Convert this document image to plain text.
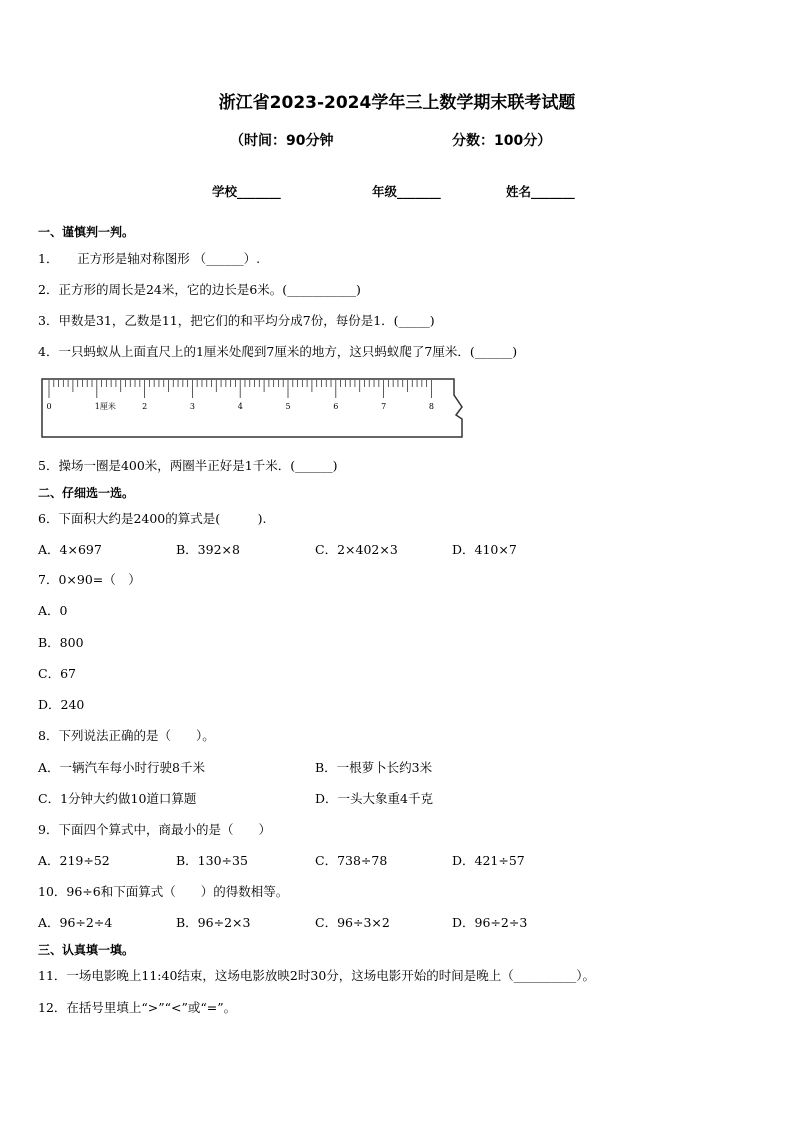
浙江省2023-2024学年三上数学期末联考试题
（时间：90分钟	分数：100分）
学校_______	年级_______	姓名_______
一、谨慎判一判。
1．　　正方形是轴对称图形 （______）.
2．正方形的周长是24米，它的边长是6米。(___________)
3．甲数是31，乙数是11，把它们的和平均分成7份，每份是1．(_____)
4．一只蚂蚁从上面直尺上的1厘米处爬到7厘米的地方，这只蚂蚁爬了7厘米．(______)
0	1厘米	2	3	4	5	6	7	8
5．操场一圈是400米，两圈半正好是1千米．(______)
二、仔细选一选。
6．下面积大约是2400的算式是(　　　).
A．4×697	B．392×8	C．2×402×3	D．410×7
7．0×90=（　）
A．0
B．800
C．67
D．240
8．下列说法正确的是（　　）。
A．一辆汽车每小时行驶8千米	B．一根萝卜长约3米
C．1分钟大约做10道口算题	D．一头大象重4千克
9．下面四个算式中，商最小的是（　　）
A．219÷52	B．130÷35	C．738÷78	D．421÷57
10．96÷6和下面算式（　　）的得数相等。
A．96÷2÷4	B．96÷2×3	C．96÷3×2	D．96÷2÷3
三、认真填一填。
11．一场电影晚上11:40结束，这场电影放映2时30分，这场电影开始的时间是晚上（__________）。
12．在括号里填上“>”“<”或“=”。
